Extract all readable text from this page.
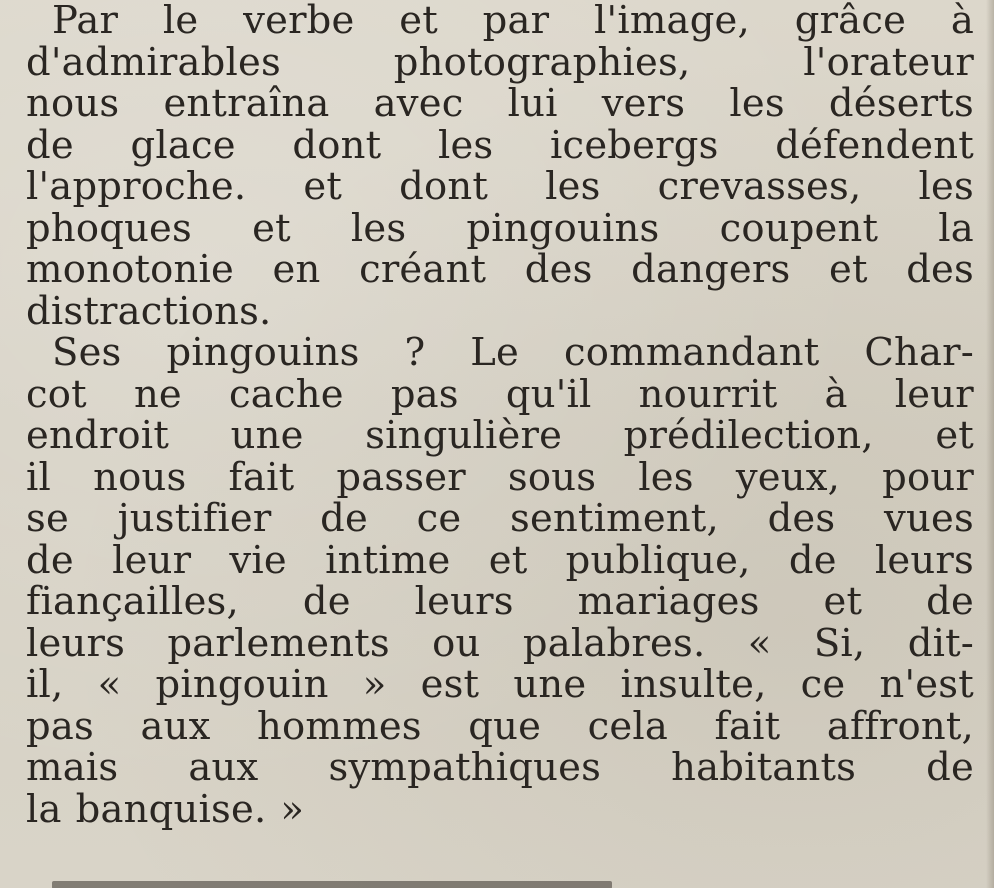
Par le verbe et par l'image, grâce à
d'admirables	photographies,	l'orateur
nous entraîna avec lui vers les déserts
de glace dont les icebergs défendent
l'approche. et dont les crevasses, les
phoques et les pingouins coupent la
monotonie en créant des dangers et des
distractions.
Ses pingouins ? Le commandant Char-
cot ne cache pas qu'il nourrit à leur
endroit une singulière prédilection, et
il nous fait passer sous les yeux, pour
se justifier de ce sentiment, des vues
de leur vie intime et publique, de leurs
fiançailles, de leurs mariages et de
leurs parlements ou palabres. « Si, dit-
il, « pingouin » est une insulte, ce n'est
pas aux hommes que cela fait affront,
mais aux sympathiques habitants de
la banquise. »
